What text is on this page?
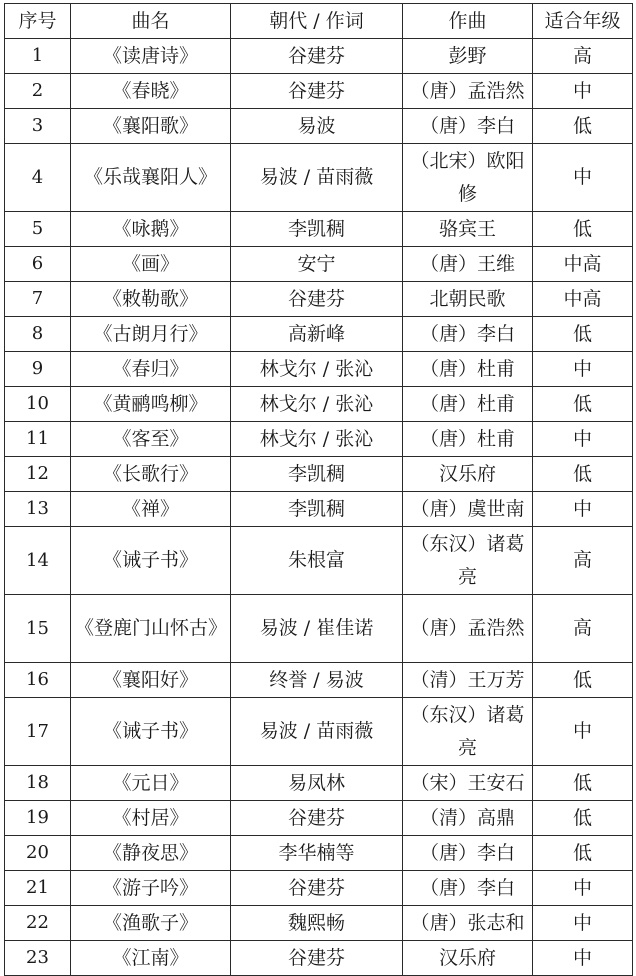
序号	曲名	朝代 / 作词	作曲	适合年级
1	《读唐诗》	谷建芬	彭野	高
2	《春晓》	谷建芬	（唐）孟浩然	中
3	《襄阳歌》	易波	（唐）李白	低
4	《乐哉襄阳人》	易波 / 苗雨薇	（北宋）欧阳修	中
5	《咏鹅》	李凯稠	骆宾王	低
6	《画》	安宁	（唐）王维	中高
7	《敕勒歌》	谷建芬	北朝民歌	中高
8	《古朗月行》	高新峰	（唐）李白	低
9	《春归》	林戈尔 / 张沁	（唐）杜甫	中
10	《黄鹂鸣柳》	林戈尔 / 张沁	（唐）杜甫	低
11	《客至》	林戈尔 / 张沁	（唐）杜甫	中
12	《长歌行》	李凯稠	汉乐府	低
13	《禅》	李凯稠	（唐）虞世南	中
14	《诫子书》	朱根富	（东汉）诸葛亮	高
15	《登鹿门山怀古》	易波 / 崔佳诺	（唐）孟浩然	高
16	《襄阳好》	终誉 / 易波	（清）王万芳	低
17	《诫子书》	易波 / 苗雨薇	（东汉）诸葛亮	中
18	《元日》	易凤林	（宋）王安石	低
19	《村居》	谷建芬	（清）高鼎	低
20	《静夜思》	李华楠等	（唐）李白	低
21	《游子吟》	谷建芬	（唐）李白	中
22	《渔歌子》	魏熙畅	（唐）张志和	中
23	《江南》	谷建芬	汉乐府	中
